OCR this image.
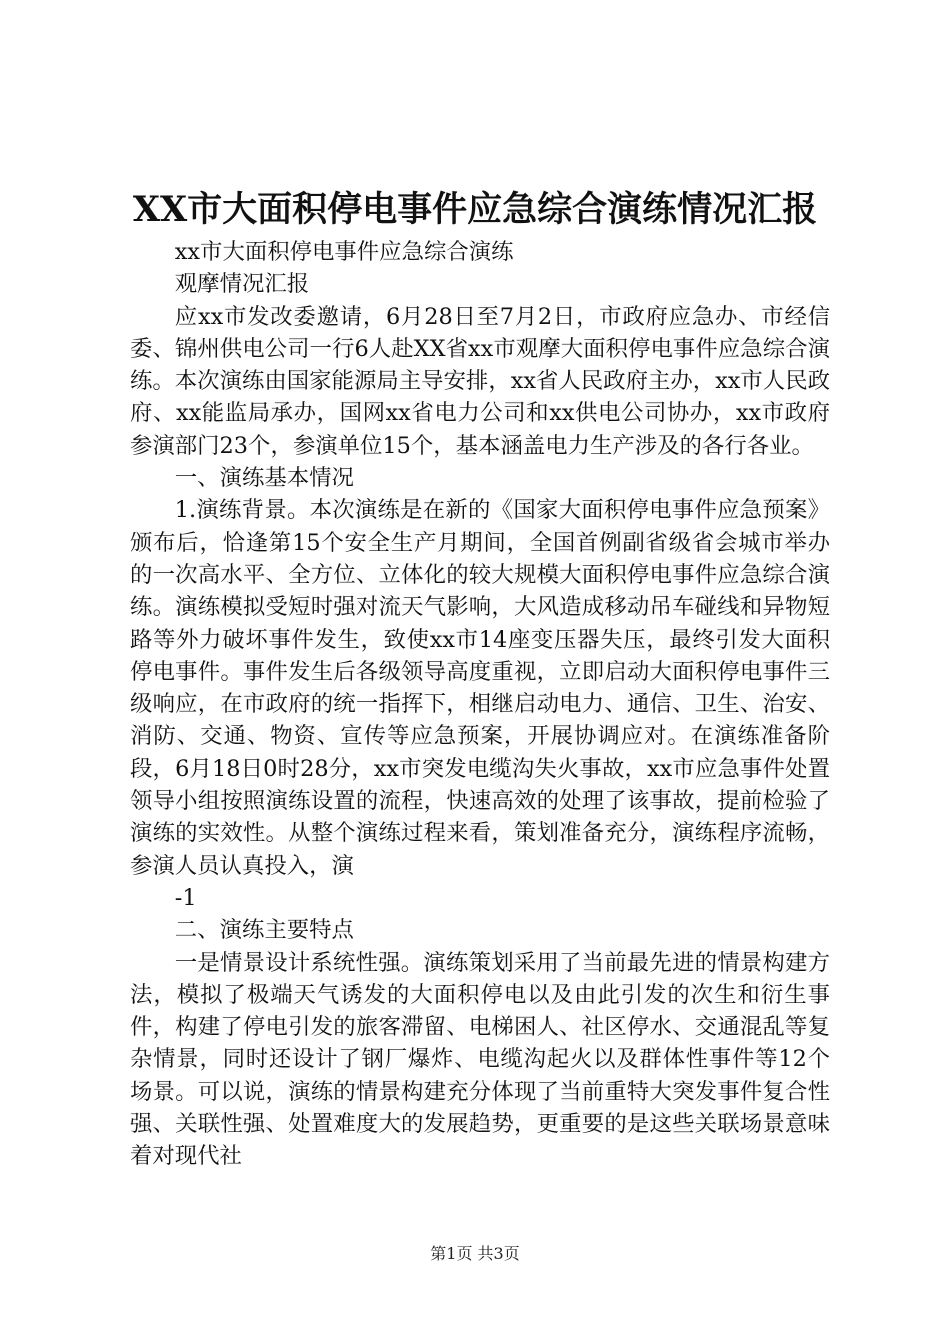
XX市大面积停电事件应急综合演练情况汇报

xx市大面积停电事件应急综合演练

观摩情况汇报

应xx市发改委邀请，6月28日至7月2日，市政府应急办、市经信委、锦州供电公司一行6人赴XX省xx市观摩大面积停电事件应急综合演练。本次演练由国家能源局主导安排，xx省人民政府主办，xx市人民政府、xx能监局承办，国网xx省电力公司和xx供电公司协办，xx市政府参演部门23个，参演单位15个，基本涵盖电力生产涉及的各行各业。

一、演练基本情况

1.演练背景。本次演练是在新的《国家大面积停电事件应急预案》颁布后，恰逢第15个安全生产月期间，全国首例副省级省会城市举办的一次高水平、全方位、立体化的较大规模大面积停电事件应急综合演练。演练模拟受短时强对流天气影响，大风造成移动吊车碰线和异物短路等外力破坏事件发生，致使xx市14座变压器失压，最终引发大面积停电事件。事件发生后各级领导高度重视，立即启动大面积停电事件三级响应，在市政府的统一指挥下，相继启动电力、通信、卫生、治安、消防、交通、物资、宣传等应急预案，开展协调应对。在演练准备阶段，6月18日0时28分，xx市突发电缆沟失火事故，xx市应急事件处置领导小组按照演练设置的流程，快速高效的处理了该事故，提前检验了演练的实效性。从整个演练过程来看，策划准备充分，演练程序流畅，参演人员认真投入，演

-1

二、演练主要特点

一是情景设计系统性强。演练策划采用了当前最先进的情景构建方法，模拟了极端天气诱发的大面积停电以及由此引发的次生和衍生事件，构建了停电引发的旅客滞留、电梯困人、社区停水、交通混乱等复杂情景，同时还设计了钢厂爆炸、电缆沟起火以及群体性事件等12个场景。可以说，演练的情景构建充分体现了当前重特大突发事件复合性强、关联性强、处置难度大的发展趋势，更重要的是这些关联场景意味着对现代社

第1页 共3页
